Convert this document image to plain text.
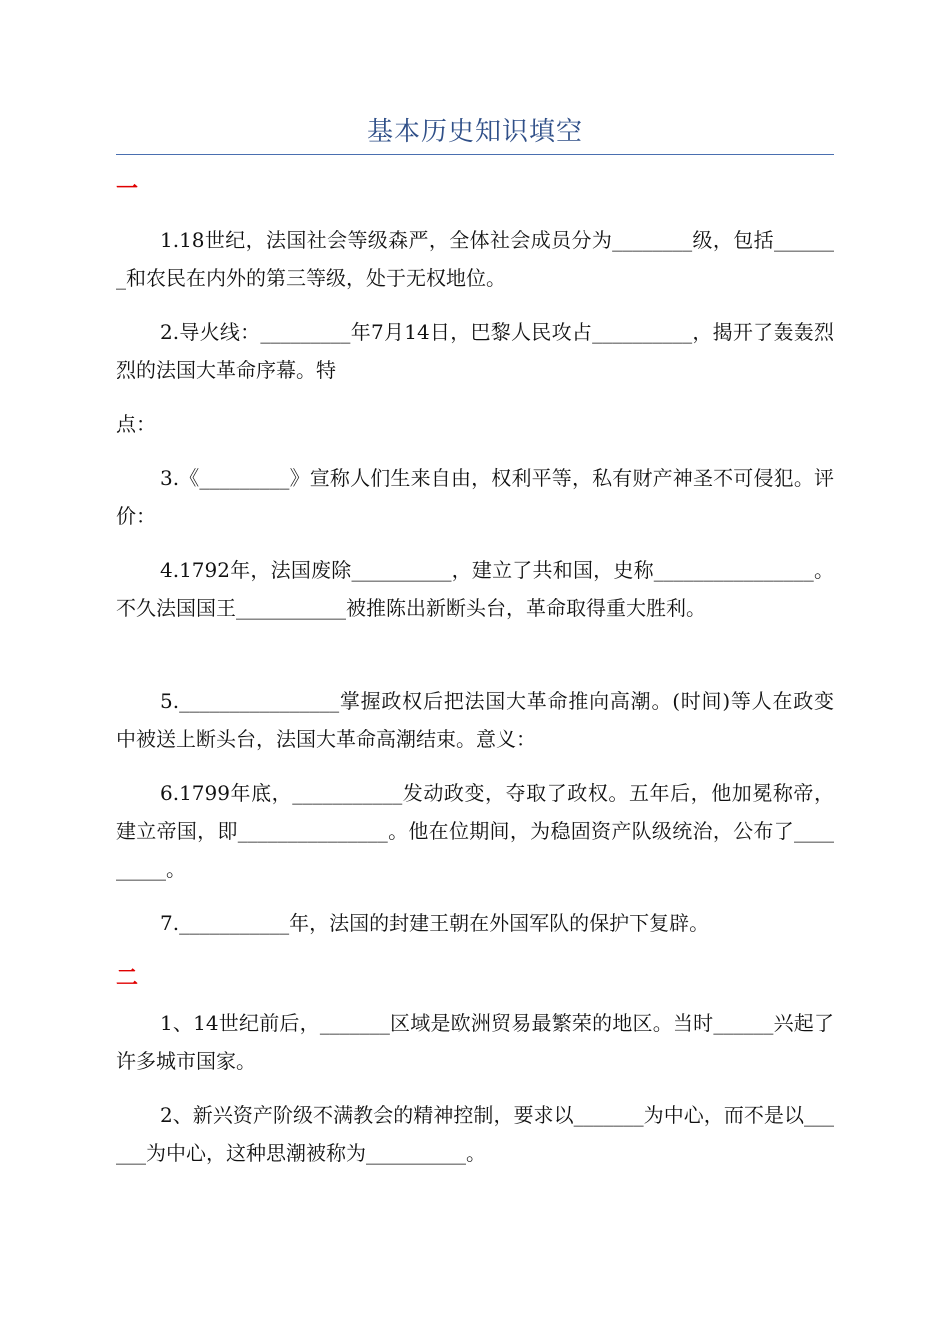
基本历史知识填空
一

1.18世纪，法国社会等级森严，全体社会成员分为________级，包括_______和农民在内外的第三等级，处于无权地位。

2.导火线：_________年7月14日，巴黎人民攻占__________，揭开了轰轰烈烈的法国大革命序幕。特

点：

3.《_________》宣称人们生来自由，权利平等，私有财产神圣不可侵犯。评价：

4.1792年，法国废除__________，建立了共和国，史称________________。不久法国国王___________被推陈出新断头台，革命取得重大胜利。

5.________________掌握政权后把法国大革命推向高潮。(时间)等人在政变中被送上断头台，法国大革命高潮结束。意义：

6.1799年底，___________发动政变，夺取了政权。五年后，他加冕称帝，建立帝国，即_______________。他在位期间，为稳固资产队级统治，公布了_________。

7.___________年，法国的封建王朝在外国军队的保护下复辟。

二

1、14世纪前后，_______区域是欧洲贸易最繁荣的地区。当时______兴起了许多城市国家。

2、新兴资产阶级不满教会的精神控制，要求以_______为中心，而不是以______为中心，这种思潮被称为__________。
